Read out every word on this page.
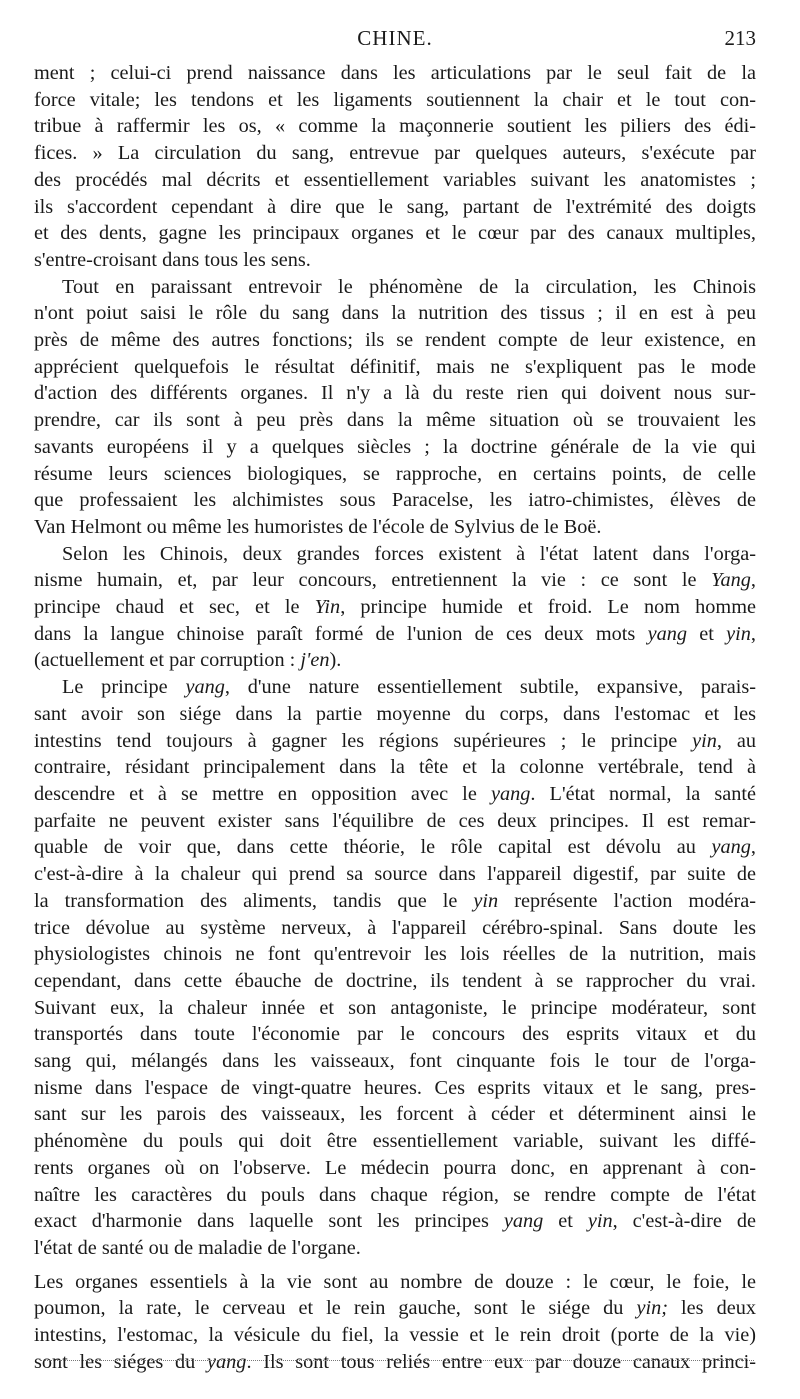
CHINE.	213
ment ; celui-ci prend naissance dans les articulations par le seul fait de la
force vitale; les tendons et les ligaments soutiennent la chair et le tout con-
tribue à raffermir les os, « comme la maçonnerie soutient les piliers des édi-
fices. » La circulation du sang, entrevue par quelques auteurs, s'exécute par
des procédés mal décrits et essentiellement variables suivant les anatomistes ;
ils s'accordent cependant à dire que le sang, partant de l'extrémité des doigts
et des dents, gagne les principaux organes et le cœur par des canaux multiples,
s'entre-croisant dans tous les sens.
Tout en paraissant entrevoir le phénomène de la circulation, les Chinois
n'ont poiut saisi le rôle du sang dans la nutrition des tissus ; il en est à peu
près de même des autres fonctions; ils se rendent compte de leur existence, en
apprécient quelquefois le résultat définitif, mais ne s'expliquent pas le mode
d'action des différents organes. Il n'y a là du reste rien qui doivent nous sur-
prendre, car ils sont à peu près dans la même situation où se trouvaient les
savants européens il y a quelques siècles ; la doctrine générale de la vie qui
résume leurs sciences biologiques, se rapproche, en certains points, de celle
que professaient les alchimistes sous Paracelse, les iatro-chimistes, élèves de
Van Helmont ou même les humoristes de l'école de Sylvius de le Boë.
Selon les Chinois, deux grandes forces existent à l'état latent dans l'orga-
nisme humain, et, par leur concours, entretiennent la vie : ce sont le Yang,
principe chaud et sec, et le Yin, principe humide et froid. Le nom homme
dans la langue chinoise paraît formé de l'union de ces deux mots yang et yin,
(actuellement et par corruption : j'en).
Le principe yang, d'une nature essentiellement subtile, expansive, parais-
sant avoir son siége dans la partie moyenne du corps, dans l'estomac et les
intestins tend toujours à gagner les régions supérieures ; le principe yin, au
contraire, résidant principalement dans la tête et la colonne vertébrale, tend à
descendre et à se mettre en opposition avec le yang. L'état normal, la santé
parfaite ne peuvent exister sans l'équilibre de ces deux principes. Il est remar-
quable de voir que, dans cette théorie, le rôle capital est dévolu au yang,
c'est-à-dire à la chaleur qui prend sa source dans l'appareil digestif, par suite de
la transformation des aliments, tandis que le yin représente l'action modéra-
trice dévolue au système nerveux, à l'appareil cérébro-spinal. Sans doute les
physiologistes chinois ne font qu'entrevoir les lois réelles de la nutrition, mais
cependant, dans cette ébauche de doctrine, ils tendent à se rapprocher du vrai.
Suivant eux, la chaleur innée et son antagoniste, le principe modérateur, sont
transportés dans toute l'économie par le concours des esprits vitaux et du
sang qui, mélangés dans les vaisseaux, font cinquante fois le tour de l'orga-
nisme dans l'espace de vingt-quatre heures. Ces esprits vitaux et le sang, pres-
sant sur les parois des vaisseaux, les forcent à céder et déterminent ainsi le
phénomène du pouls qui doit être essentiellement variable, suivant les diffé-
rents organes où on l'observe. Le médecin pourra donc, en apprenant à con-
naître les caractères du pouls dans chaque région, se rendre compte de l'état
exact d'harmonie dans laquelle sont les principes yang et yin, c'est-à-dire de
l'état de santé ou de maladie de l'organe.
Les organes essentiels à la vie sont au nombre de douze : le cœur, le foie, le
poumon, la rate, le cerveau et le rein gauche, sont le siége du yin; les deux
intestins, l'estomac, la vésicule du fiel, la vessie et le rein droit (porte de la vie)
sont les siéges du yang. Ils sont tous reliés entre eux par douze canaux princi-
